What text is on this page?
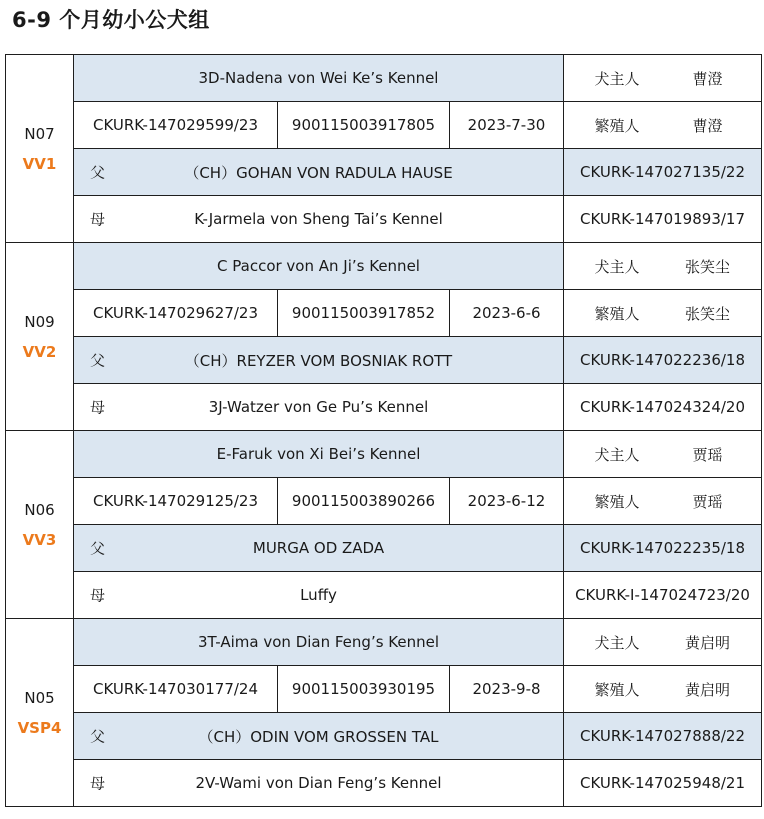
6-9 个月幼小公犬组
N07
VV1	3D-Nadena von Wei Ke’s Kennel			犬主人 曹澄
	CKURK-147029599/23	900115003917805	2023-7-30	繁殖人 曹澄

	父 （CH）GOHAN VON RADULA HAUSE			CKURK-147027135/22

	母 K-Jarmela von Sheng Tai’s Kennel			CKURK-147019893/17

N09
VV2	C Paccor von An Ji’s Kennel			犬主人 张笑尘
	CKURK-147029627/23	900115003917852	2023-6-6	繁殖人 张笑尘

	父 （CH）REYZER VOM BOSNIAK ROTT			CKURK-147022236/18

	母 3J-Watzer von Ge Pu’s Kennel			CKURK-147024324/20

N06
VV3	E-Faruk von Xi Bei’s Kennel			犬主人 贾瑶
	CKURK-147029125/23	900115003890266	2023-6-12	繁殖人 贾瑶

	父 MURGA OD ZADA			CKURK-147022235/18

	母 Luffy			CKURK-I-147024723/20

N05
VSP4	3T-Aima von Dian Feng’s Kennel			犬主人 黄启明
	CKURK-147030177/24	900115003930195	2023-9-8	繁殖人 黄启明

	父 （CH）ODIN VOM GROSSEN TAL			CKURK-147027888/22

	母 2V-Wami von Dian Feng’s Kennel			CKURK-147025948/21
